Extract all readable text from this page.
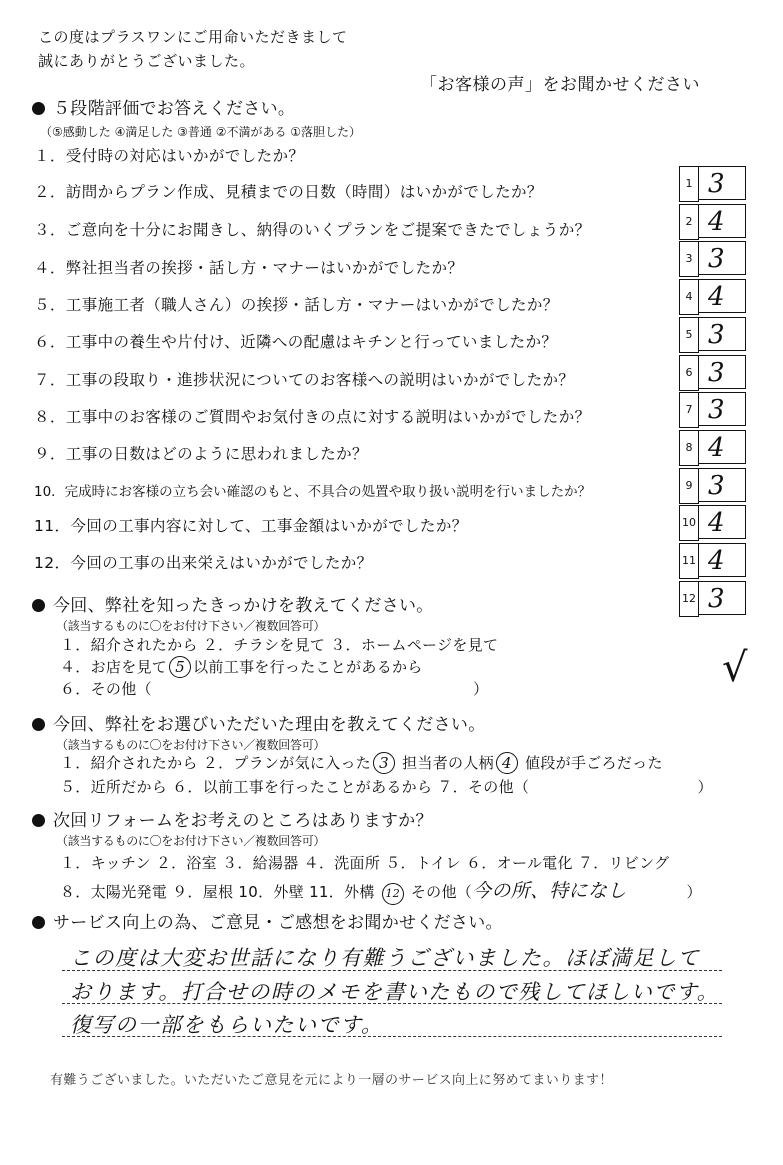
この度はプラスワンにご用命いただきまして
誠にありがとうございました。
「お客様の声」をお聞かせください
５段階評価でお答えください。
（⑤感動した ④満足した ③普通 ②不満がある ①落胆した）
１．受付時の対応はいかがでしたか？
２．訪問からプラン作成、見積までの日数（時間）はいかがでしたか？
３．ご意向を十分にお聞きし、納得のいくプランをご提案できたでしょうか？
４．弊社担当者の挨拶・話し方・マナーはいかがでしたか？
５．工事施工者（職人さん）の挨拶・話し方・マナーはいかがでしたか？
６．工事中の養生や片付け、近隣への配慮はキチンと行っていましたか？
７．工事の段取り・進捗状況についてのお客様への説明はいかがでしたか？
８．工事中のお客様のご質問やお気付きの点に対する説明はいかがでしたか？
９．工事の日数はどのように思われましたか？
10．完成時にお客様の立ち会い確認のもと、不具合の処置や取り扱い説明を行いましたか？
11．今回の工事内容に対して、工事金額はいかがでしたか？
12．今回の工事の出来栄えはいかがでしたか？
1 3
2 4
3 3
4 4
5 3
6 3
7 3
8 4
9 3
10 4
11 4
12 3
√
今回、弊社を知ったきっかけを教えてください。
（該当するものに〇をお付け下さい／複数回答可）
１．紹介されたから ２．チラシを見て ３．ホームページを見て
４．お店を見て 5 以前工事を行ったことがあるから
６．その他（　　　　　　　　　　　　　　　　　　　　　）
今回、弊社をお選びいただいた理由を教えてください。
（該当するものに〇をお付け下さい／複数回答可）
１．紹介されたから ２．プランが気に入った 3 担当者の人柄 4 値段が手ごろだった
５．近所だから ６．以前工事を行ったことがあるから ７．その他（　　　　　　　　　　　）
次回リフォームをお考えのところはありますか？
（該当するものに〇をお付け下さい／複数回答可）
１．キッチン ２．浴室 ３．給湯器 ４．洗面所 ５．トイレ ６．オール電化 ７．リビング
８．太陽光発電 ９．屋根 10．外壁 11．外構 12 その他（今の所、特になし	）
サービス向上の為、ご意見・ご感想をお聞かせください。
この度は大変お世話になり有難うございました。ほぼ満足して
おります。打合せの時のメモを書いたもので残してほしいです。
復写の一部をもらいたいです。
有難うございました。いただいたご意見を元により一層のサービス向上に努めてまいります！
